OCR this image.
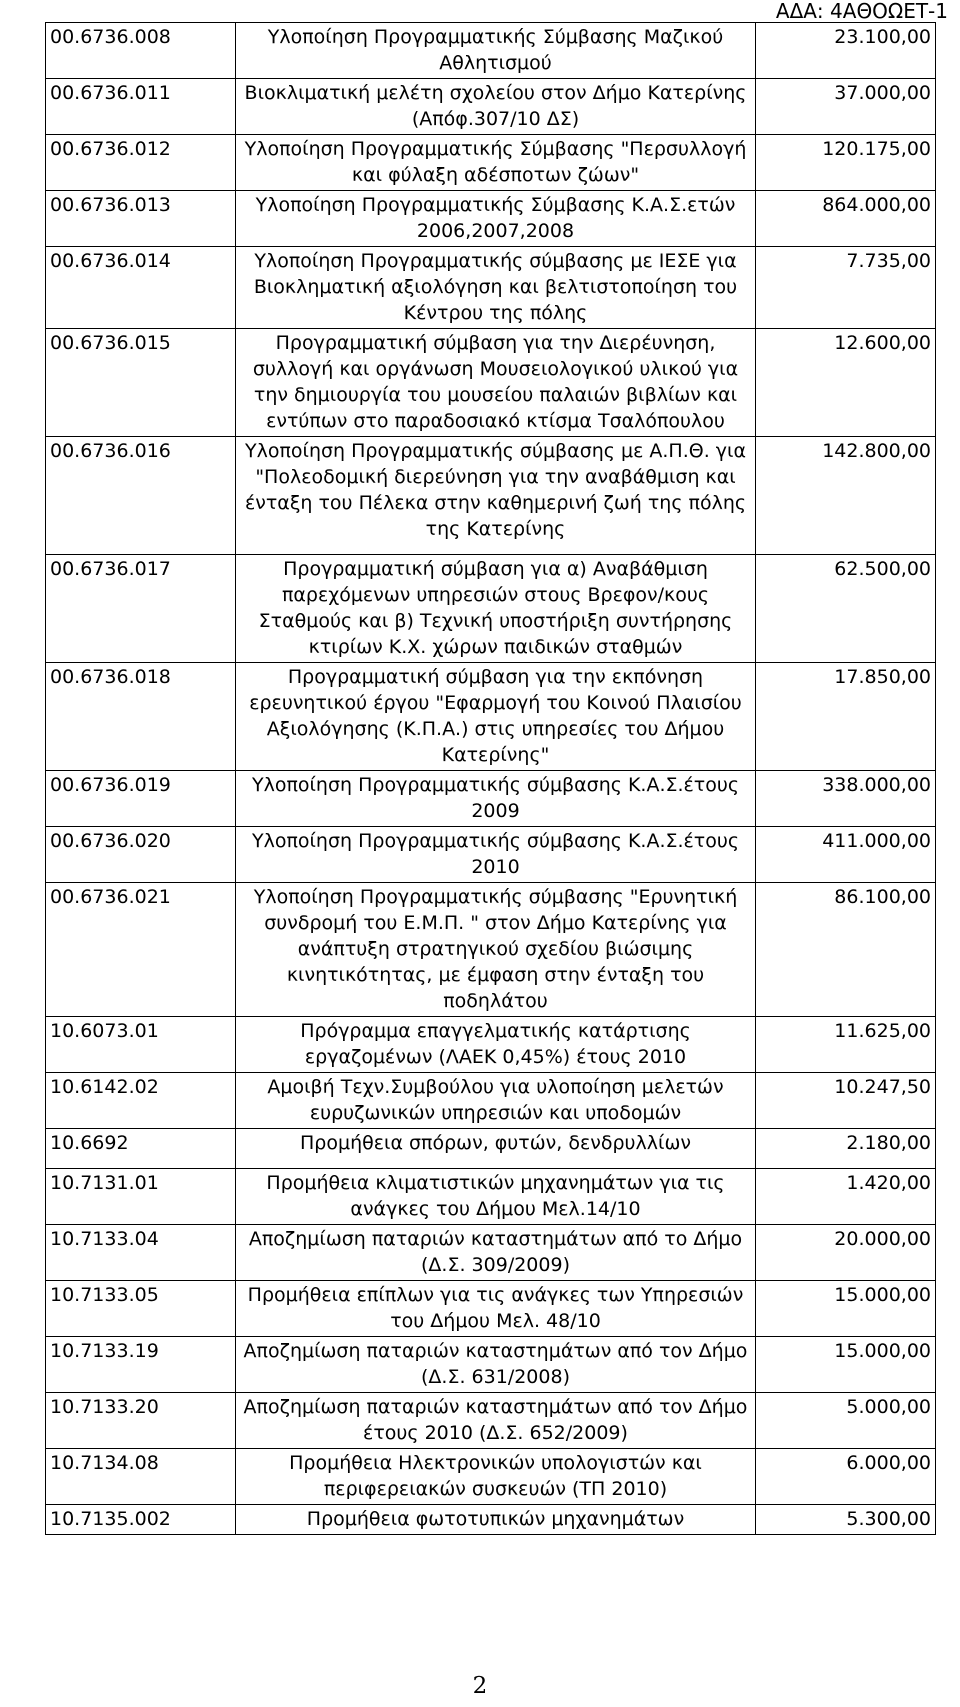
ΑΔΑ: 4ΑΘΟΩΕΤ-1
00.6736.008	Υλοποίηση Προγραμματικής Σύμβασης Μαζικού Αθλητισμού	23.100,00
00.6736.011	Βιοκλιματική μελέτη σχολείου στον Δήμο Κατερίνης (Απόφ.307/10 ΔΣ)	37.000,00
00.6736.012	Υλοποίηση Προγραμματικής Σύμβασης "Περσυλλογή και φύλαξη αδέσποτων ζώων"	120.175,00
00.6736.013	Υλοποίηση Προγραμματικής Σύμβασης Κ.Α.Σ.ετών 2006,2007,2008	864.000,00
00.6736.014	Υλοποίηση Προγραμματικής σύμβασης με ΙΕΣΕ για Βιοκληματική αξιολόγηση και βελτιστοποίηση του Κέντρου της πόλης	7.735,00
00.6736.015	Προγραμματική σύμβαση για την Διερέυνηση, συλλογή και οργάνωση Μουσειολογικού υλικού για την δημιουργία του μουσείου παλαιών βιβλίων και εντύπων στο παραδοσιακό κτίσμα Τσαλόπουλου	12.600,00
00.6736.016	Υλοποίηση Προγραμματικής σύμβασης με Α.Π.Θ. για "Πολεοδομική διερεύνηση για την αναβάθμιση και ένταξη του Πέλεκα στην καθημερινή ζωή της πόλης της Κατερίνης	142.800,00
00.6736.017	Προγραμματική σύμβαση για α) Αναβάθμιση παρεχόμενων υπηρεσιών στους Βρεφον/κους Σταθμούς και β) Τεχνική υποστήριξη συντήρησης κτιρίων Κ.Χ. χώρων παιδικών σταθμών	62.500,00
00.6736.018	Προγραμματική σύμβαση για την εκπόνηση ερευνητικού έργου "Εφαρμογή του Κοινού Πλαισίου Αξιολόγησης (Κ.Π.Α.) στις υπηρεσίες του Δήμου Κατερίνης"	17.850,00
00.6736.019	Υλοποίηση Προγραμματικής σύμβασης Κ.Α.Σ.έτους 2009	338.000,00
00.6736.020	Υλοποίηση Προγραμματικής σύμβασης Κ.Α.Σ.έτους 2010	411.000,00
00.6736.021	Υλοποίηση Προγραμματικής σύμβασης "Ερυνητική συνδρομή του Ε.Μ.Π. " στον Δήμο Κατερίνης για ανάπτυξη στρατηγικού σχεδίου βιώσιμης κινητικότητας, με έμφαση στην ένταξη του ποδηλάτου	86.100,00
10.6073.01	Πρόγραμμα επαγγελματικής κατάρτισης εργαζομένων (ΛΑΕΚ 0,45%) έτους 2010	11.625,00
10.6142.02	Αμοιβή Τεχν.Συμβούλου για υλοποίηση μελετών ευρυζωνικών υπηρεσιών και υποδομών	10.247,50
10.6692	Προμήθεια σπόρων, φυτών, δενδρυλλίων	2.180,00
10.7131.01	Προμήθεια κλιματιστικών μηχανημάτων για τις ανάγκες του Δήμου Μελ.14/10	1.420,00
10.7133.04	Αποζημίωση παταριών καταστημάτων από το Δήμο (Δ.Σ. 309/2009)	20.000,00
10.7133.05	Προμήθεια επίπλων για τις ανάγκες των Υπηρεσιών του Δήμου Μελ. 48/10	15.000,00
10.7133.19	Αποζημίωση παταριών καταστημάτων από τον Δήμο (Δ.Σ. 631/2008)	15.000,00
10.7133.20	Αποζημίωση παταριών καταστημάτων από τον Δήμο έτους 2010 (Δ.Σ. 652/2009)	5.000,00
10.7134.08	Προμήθεια Ηλεκτρονικών υπολογιστών και περιφερειακών συσκευών (ΤΠ 2010)	6.000,00
10.7135.002	Προμήθεια φωτοτυπικών μηχανημάτων	5.300,00
2
